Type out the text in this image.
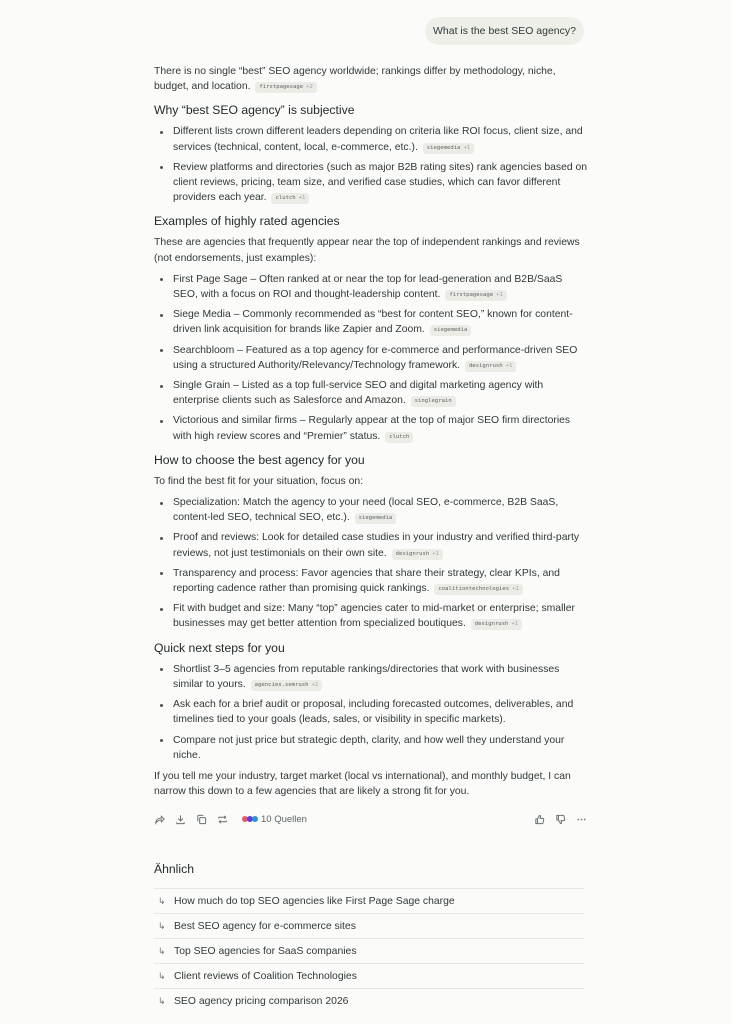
What is the best SEO agency?

There is no single “best” SEO agency worldwide; rankings differ by methodology, niche, budget, and location. firstpagesage +2

Why “best SEO agency” is subjective
Different lists crown different leaders depending on criteria like ROI focus, client size, and services (technical, content, local, e-commerce, etc.). siegemedia +1
Review platforms and directories (such as major B2B rating sites) rank agencies based on client reviews, pricing, team size, and verified case studies, which can favor different providers each year. clutch +1
Examples of highly rated agencies

These are agencies that frequently appear near the top of independent rankings and reviews (not endorsements, just examples):

First Page Sage – Often ranked at or near the top for lead-generation and B2B/SaaS SEO, with a focus on ROI and thought-leadership content. firstpagesage +1
Siege Media – Commonly recommended as “best for content SEO,” known for content-driven link acquisition for brands like Zapier and Zoom. siegemedia
Searchbloom – Featured as a top agency for e-commerce and performance-driven SEO using a structured Authority/Relevancy/Technology framework. designrush +1
Single Grain – Listed as a top full-service SEO and digital marketing agency with enterprise clients such as Salesforce and Amazon. singlegrain
Victorious and similar firms – Regularly appear at the top of major SEO firm directories with high review scores and “Premier” status. clutch
How to choose the best agency for you

To find the best fit for your situation, focus on:

Specialization: Match the agency to your need (local SEO, e-commerce, B2B SaaS, content-led SEO, technical SEO, etc.). siegemedia
Proof and reviews: Look for detailed case studies in your industry and verified third-party reviews, not just testimonials on their own site. designrush +1
Transparency and process: Favor agencies that share their strategy, clear KPIs, and reporting cadence rather than promising quick rankings. coalitiontechnologies +1
Fit with budget and size: Many “top” agencies cater to mid-market or enterprise; smaller businesses may get better attention from specialized boutiques. designrush +1
Quick next steps for you
Shortlist 3–5 agencies from reputable rankings/directories that work with businesses similar to yours. agencies.semrush +2
Ask each for a brief audit or proposal, including forecasted outcomes, deliverables, and timelines tied to your goals (leads, sales, or visibility in specific markets).
Compare not just price but strategic depth, clarity, and how well they understand your niche.

If you tell me your industry, target market (local vs international), and monthly budget, I can narrow this down to a few agencies that are likely a strong fit for you.

10 Quellen
Ähnlich
↳ How much do top SEO agencies like First Page Sage charge
↳ Best SEO agency for e-commerce sites
↳ Top SEO agencies for SaaS companies
↳ Client reviews of Coalition Technologies
↳ SEO agency pricing comparison 2026
